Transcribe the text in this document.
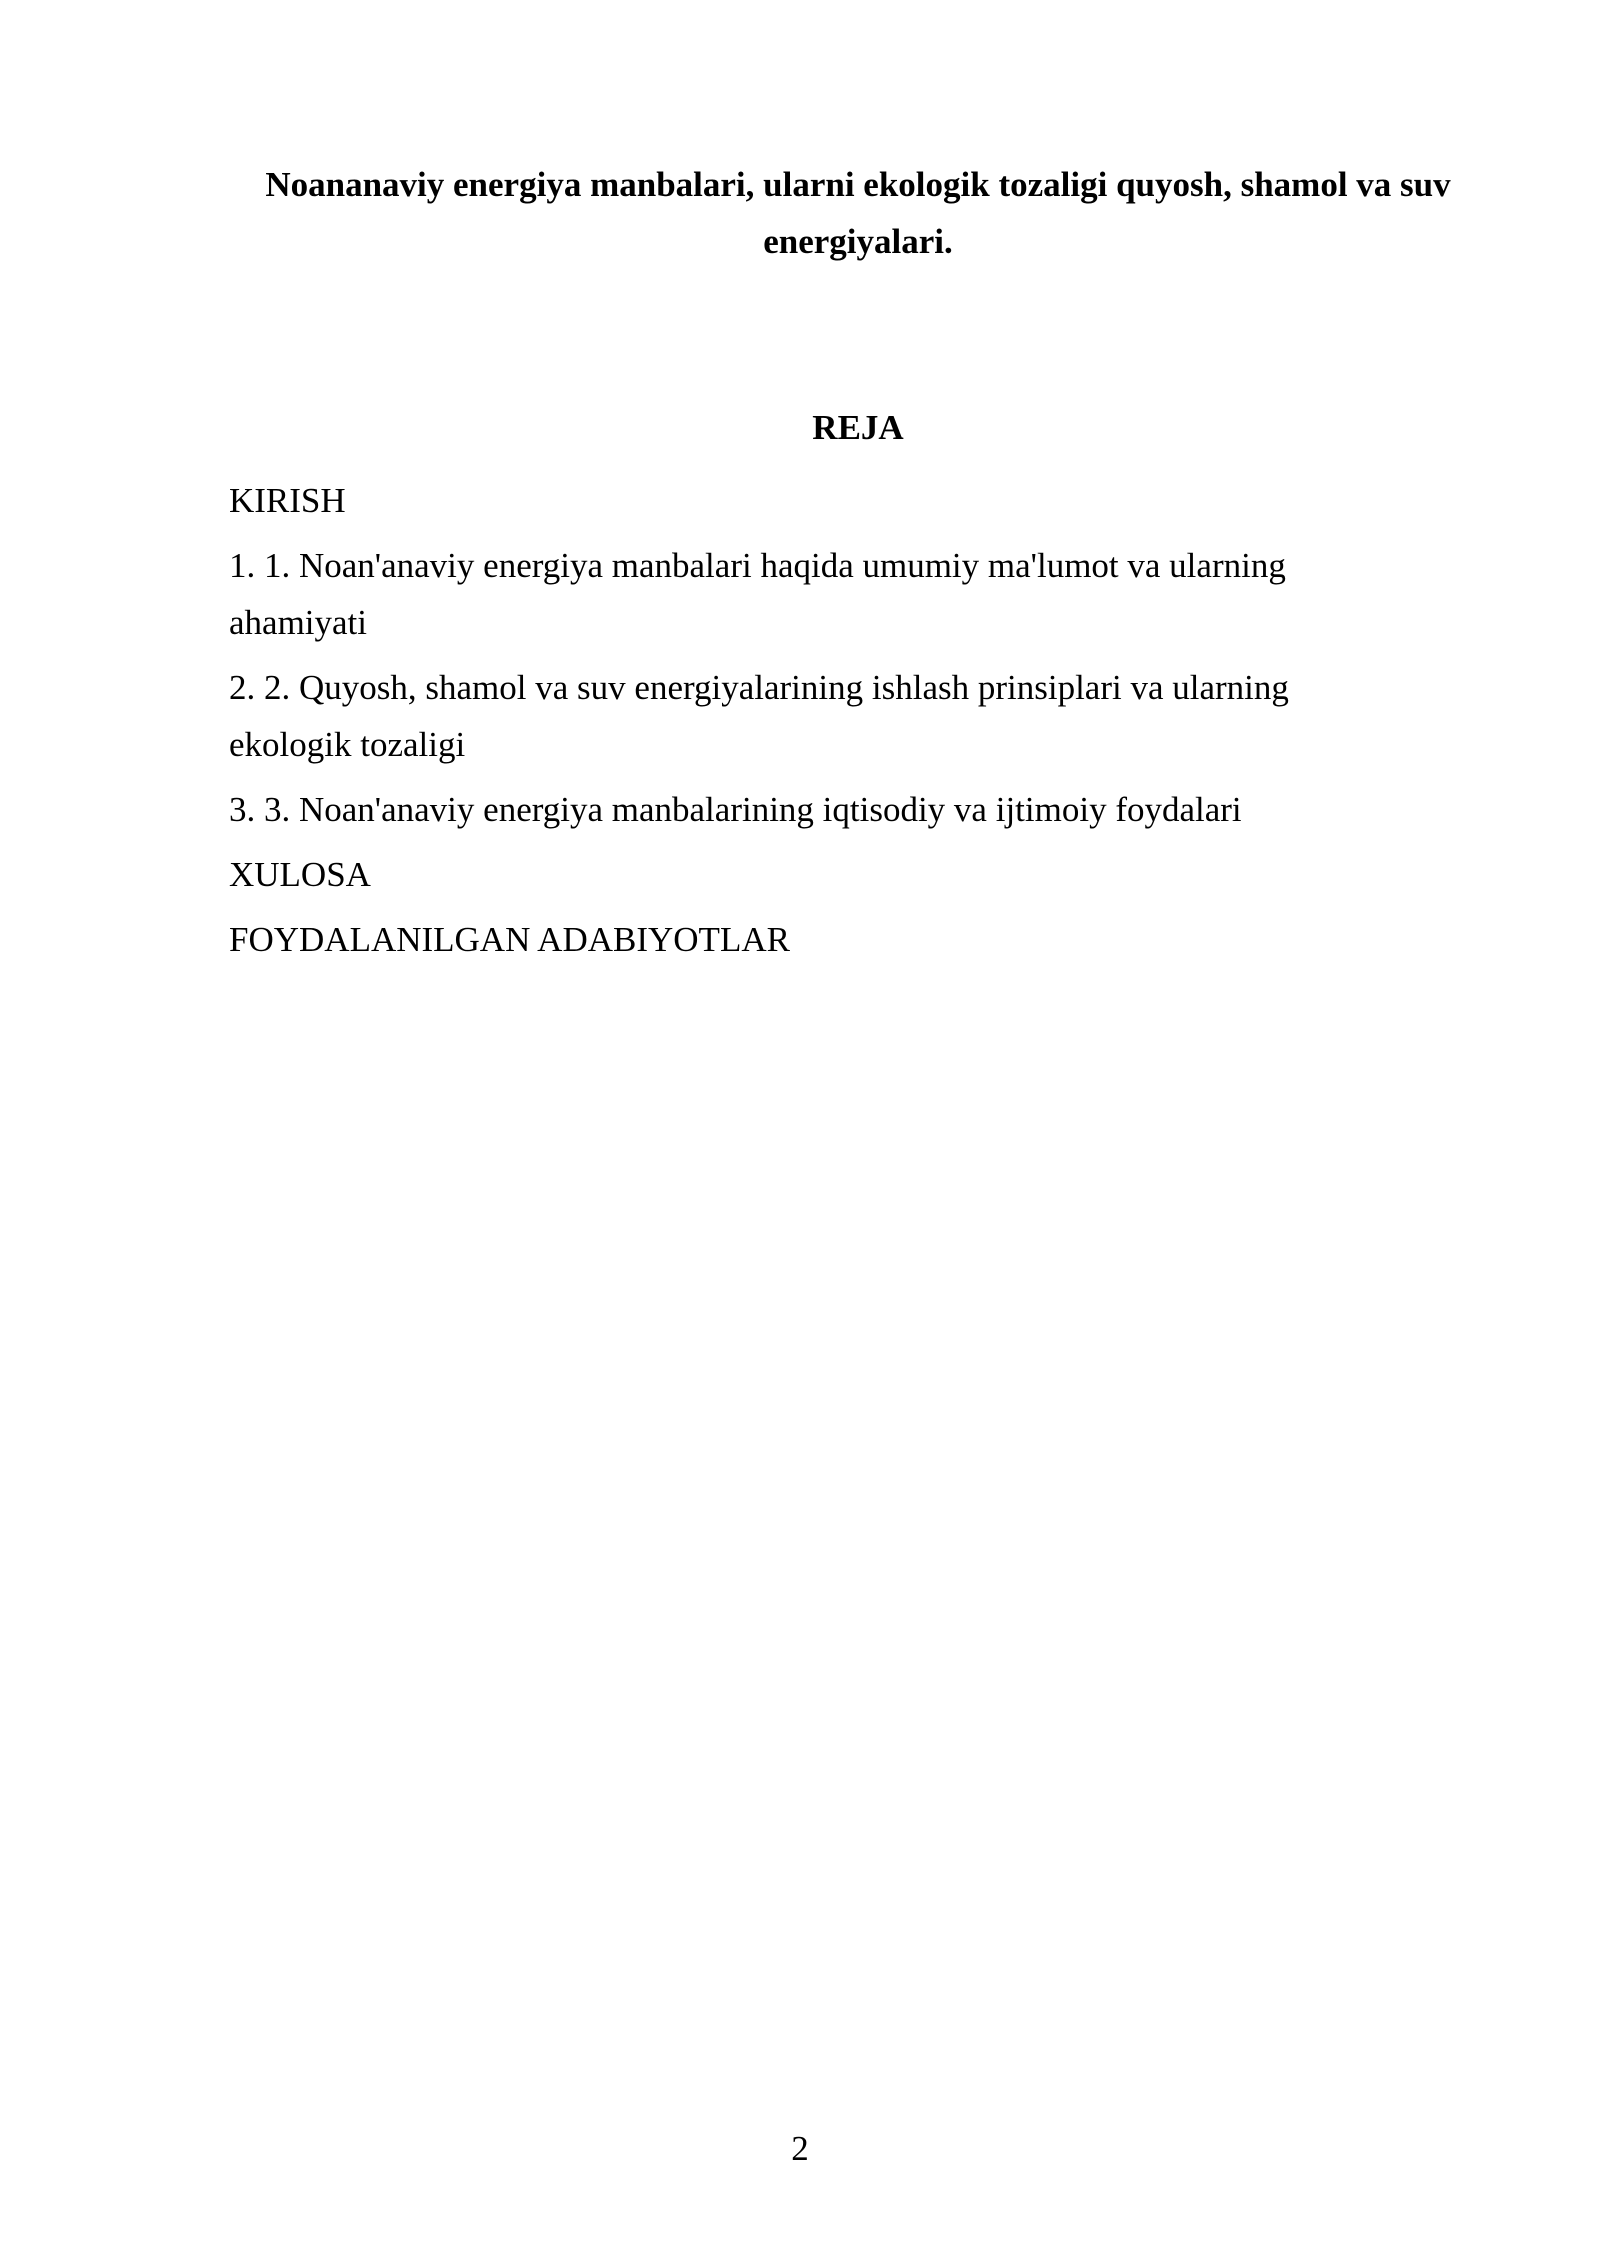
Noananaviy energiya manbalari, ularni ekologik tozaligi quyosh, shamol va suv energiyalari.
REJA
KIRISH
1. 1. Noan'anaviy energiya manbalari haqida umumiy ma'lumot va ularning ahamiyati
2. 2. Quyosh, shamol va suv energiyalarining ishlash prinsiplari va ularning ekologik tozaligi
3. 3. Noan'anaviy energiya manbalarining iqtisodiy va ijtimoiy foydalari
XULOSA
FOYDALANILGAN ADABIYOTLAR
2
